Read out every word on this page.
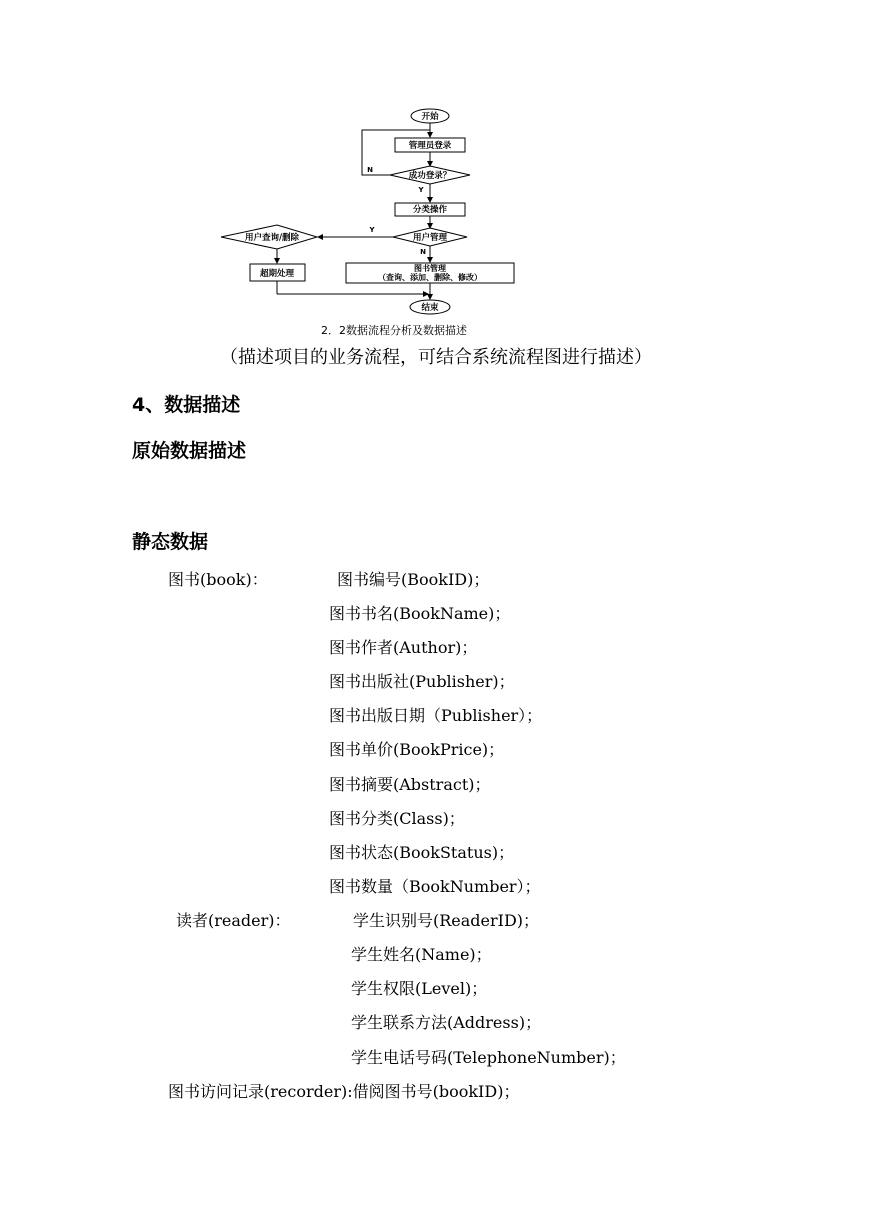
开始
管理员登录
成功登录？
分类操作
用户管理
用户查询/删除
超期处理
图书管理
（查询、添加、删除、修改）
结束
N
Y
Y
N
2．2数据流程分析及数据描述
（描述项目的业务流程，可结合系统流程图进行描述）
4、数据描述
原始数据描述
静态数据
图书(book)：	图书编号(BookID)；
图书书名(BookName)；
图书作者(Author)；
图书出版社(Publisher)；
图书出版日期（Publisher）；
图书单价(BookPrice)；
图书摘要(Abstract)；
图书分类(Class)；
图书状态(BookStatus)；
图书数量（BookNumber）；
读者(reader)：	学生识别号(ReaderID)；
学生姓名(Name)；
学生权限(Level)；
学生联系方法(Address)；
学生电话号码(TelephoneNumber)；
图书访问记录(recorder):借阅图书号(bookID)；
